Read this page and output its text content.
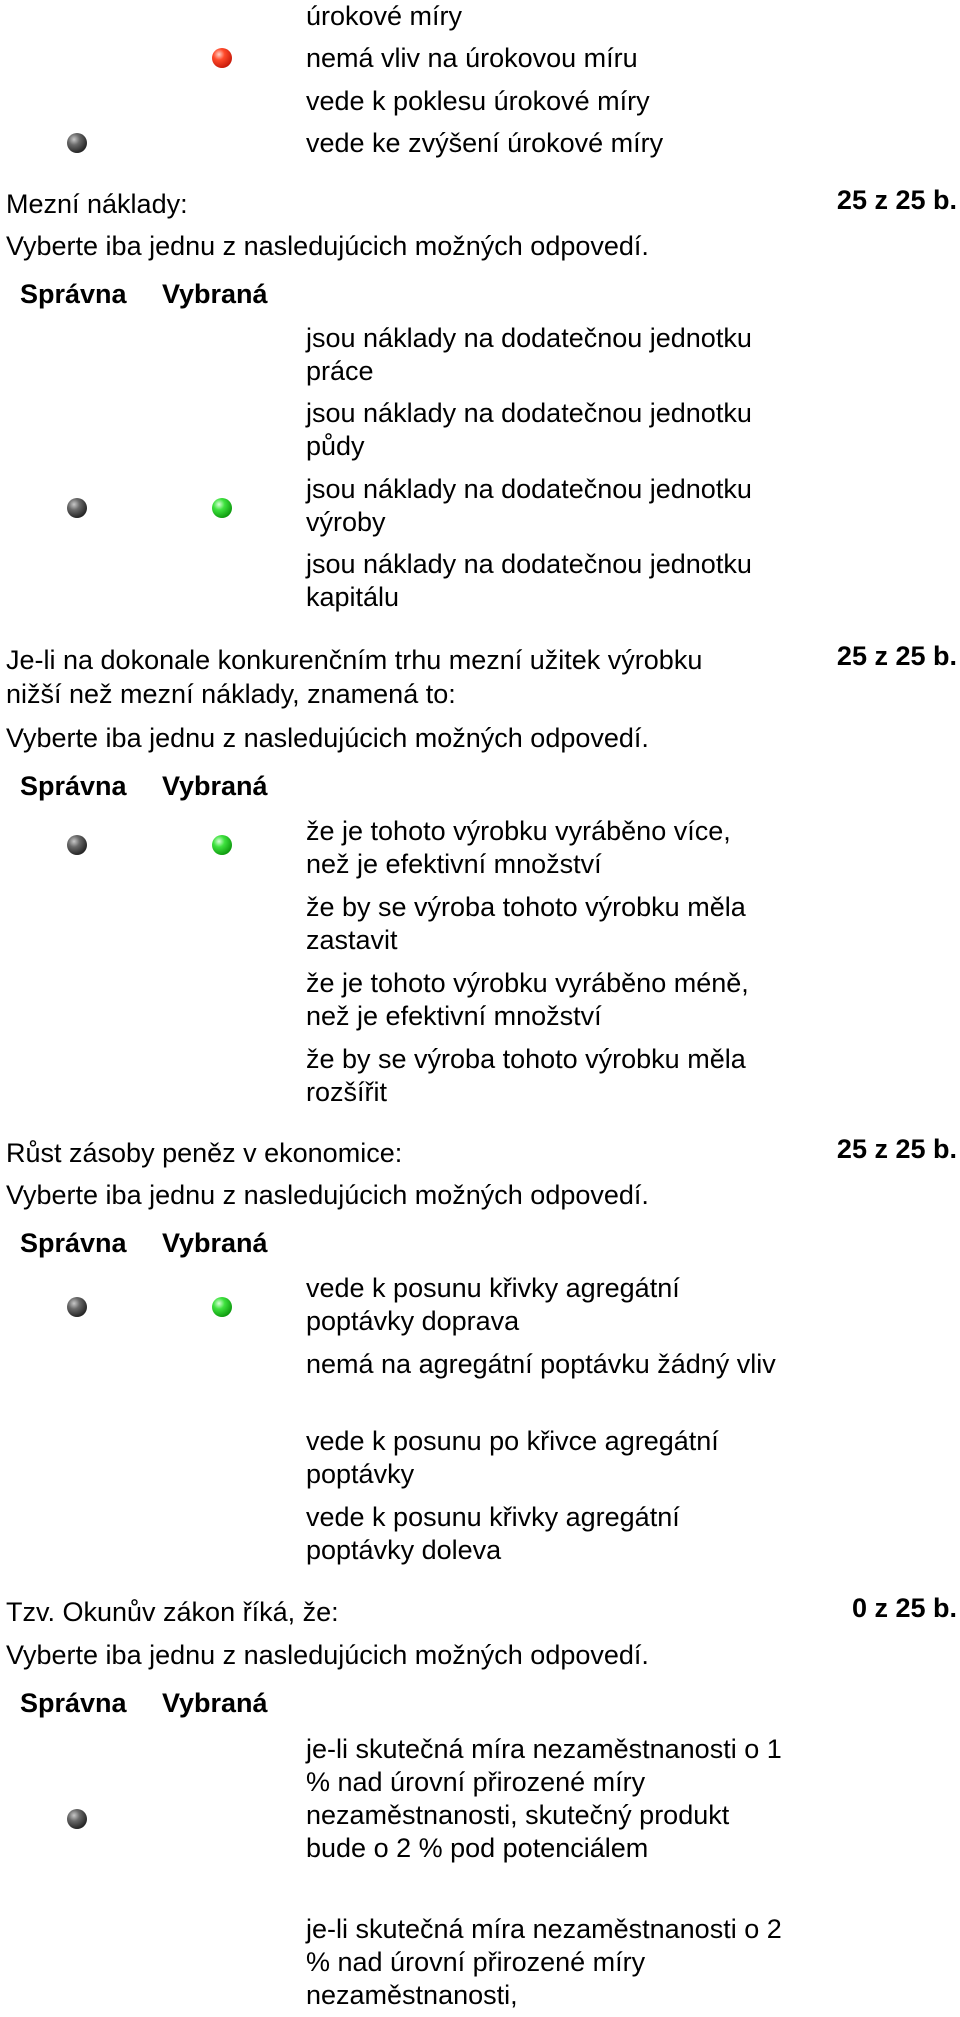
úrokové míry
nemá vliv na úrokovou míru
vede k poklesu úrokové míry
vede ke zvýšení úrokové míry
Mezní náklady:	25 z 25 b.
Vyberte iba jednu z nasledujúcich možných odpovedí.
Správna Vybraná
jsou náklady na dodatečnou jednotku práce
jsou náklady na dodatečnou jednotku půdy
jsou náklady na dodatečnou jednotku výroby
jsou náklady na dodatečnou jednotku kapitálu
Je-li na dokonale konkurenčním trhu mezní užitek výrobku nižší než mezní náklady, znamená to:
25 z 25 b.
Vyberte iba jednu z nasledujúcich možných odpovedí.
Správna Vybraná
že je tohoto výrobku vyráběno více, než je efektivní množství
že by se výroba tohoto výrobku měla zastavit
že je tohoto výrobku vyráběno méně, než je efektivní množství
že by se výroba tohoto výrobku měla rozšířit
Růst zásoby peněz v ekonomice:	25 z 25 b.
Vyberte iba jednu z nasledujúcich možných odpovedí.
Správna Vybraná
vede k posunu křivky agregátní poptávky doprava
nemá na agregátní poptávku žádný vliv
vede k posunu po křivce agregátní poptávky
vede k posunu křivky agregátní poptávky doleva
Tzv. Okunův zákon říká, že:	0 z 25 b.
Vyberte iba jednu z nasledujúcich možných odpovedí.
Správna Vybraná
je-li skutečná míra nezaměstnanosti o 1 % nad úrovní přirozené míry nezaměstnanosti, skutečný produkt bude o 2 % pod potenciálem
je-li skutečná míra nezaměstnanosti o 2 % nad úrovní přirozené míry nezaměstnanosti,
